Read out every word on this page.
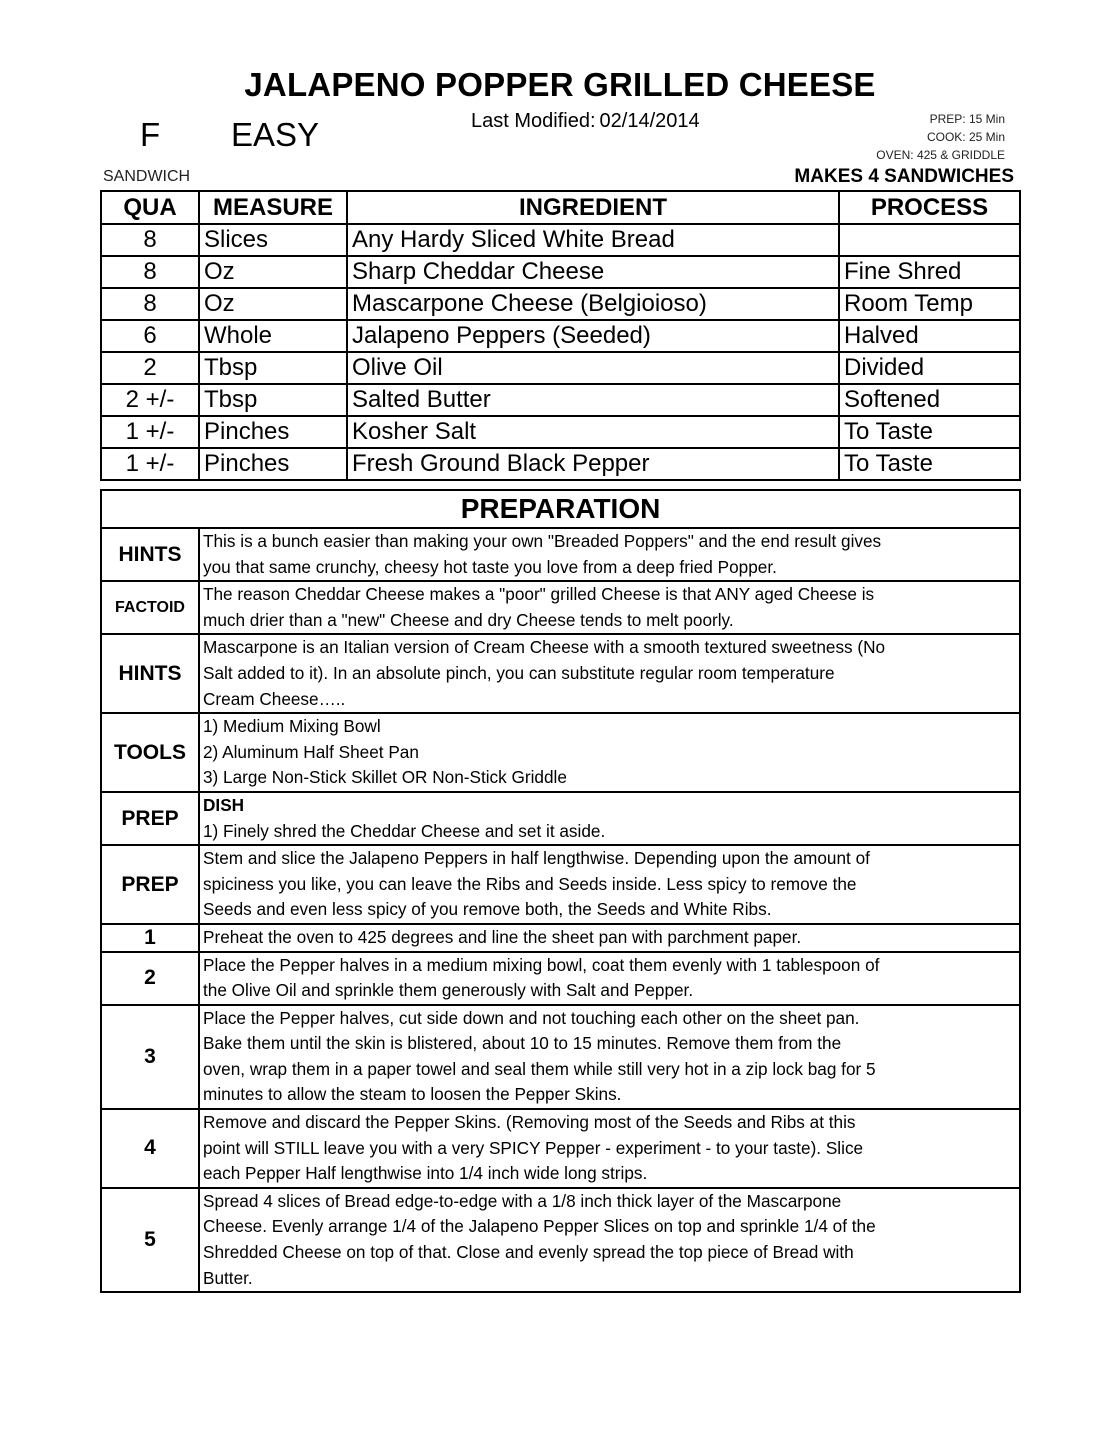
JALAPENO POPPER GRILLED CHEESE
F EASY	Last Modified: 02/14/2014	PREP: 15 Min
COOK: 25 Min
OVEN: 425 & GRIDDLE
SANDWICH	MAKES 4 SANDWICHES
QUA	MEASURE	INGREDIENT	PROCESS
8	Slices	Any Hardy Sliced White Bread	
8	Oz	Sharp Cheddar Cheese	Fine Shred
8	Oz	Mascarpone Cheese (Belgioioso)	Room Temp
6	Whole	Jalapeno Peppers (Seeded)	Halved
2	Tbsp	Olive Oil	Divided
2 +/-	Tbsp	Salted Butter	Softened
1 +/-	Pinches	Kosher Salt	To Taste
1 +/-	Pinches	Fresh Ground Black Pepper	To Taste
PREPARATION	
HINTS	This is a bunch easier than making your own "Breaded Poppers" and the end result gives
you that same crunchy, cheesy hot taste you love from a deep fried Popper.

FACTOID	The reason Cheddar Cheese makes a "poor" grilled Cheese is that ANY aged Cheese is
much drier than a "new" Cheese and dry Cheese tends to melt poorly.

HINTS	Mascarpone is an Italian version of Cream Cheese with a smooth textured sweetness (No
Salt added to it). In an absolute pinch, you can substitute regular room temperature
Cream Cheese…..

TOOLS	1) Medium Mixing Bowl
2) Aluminum Half Sheet Pan
3) Large Non-Stick Skillet OR Non-Stick Griddle

PREP	DISH
1) Finely shred the Cheddar Cheese and set it aside.

PREP	Stem and slice the Jalapeno Peppers in half lengthwise. Depending upon the amount of
spiciness you like, you can leave the Ribs and Seeds inside. Less spicy to remove the
Seeds and even less spicy of you remove both, the Seeds and White Ribs.

1	Preheat the oven to 425 degrees and line the sheet pan with parchment paper.

2	Place the Pepper halves in a medium mixing bowl, coat them evenly with 1 tablespoon of
the Olive Oil and sprinkle them generously with Salt and Pepper.

3	Place the Pepper halves, cut side down and not touching each other on the sheet pan.
Bake them until the skin is blistered, about 10 to 15 minutes. Remove them from the
oven, wrap them in a paper towel and seal them while still very hot in a zip lock bag for 5
minutes to allow the steam to loosen the Pepper Skins.

4	Remove and discard the Pepper Skins. (Removing most of the Seeds and Ribs at this
point will STILL leave you with a very SPICY Pepper - experiment - to your taste). Slice
each Pepper Half lengthwise into 1/4 inch wide long strips.

5	Spread 4 slices of Bread edge-to-edge with a 1/8 inch thick layer of the Mascarpone
Cheese. Evenly arrange 1/4 of the Jalapeno Pepper Slices on top and sprinkle 1/4 of the
Shredded Cheese on top of that. Close and evenly spread the top piece of Bread with
Butter.
